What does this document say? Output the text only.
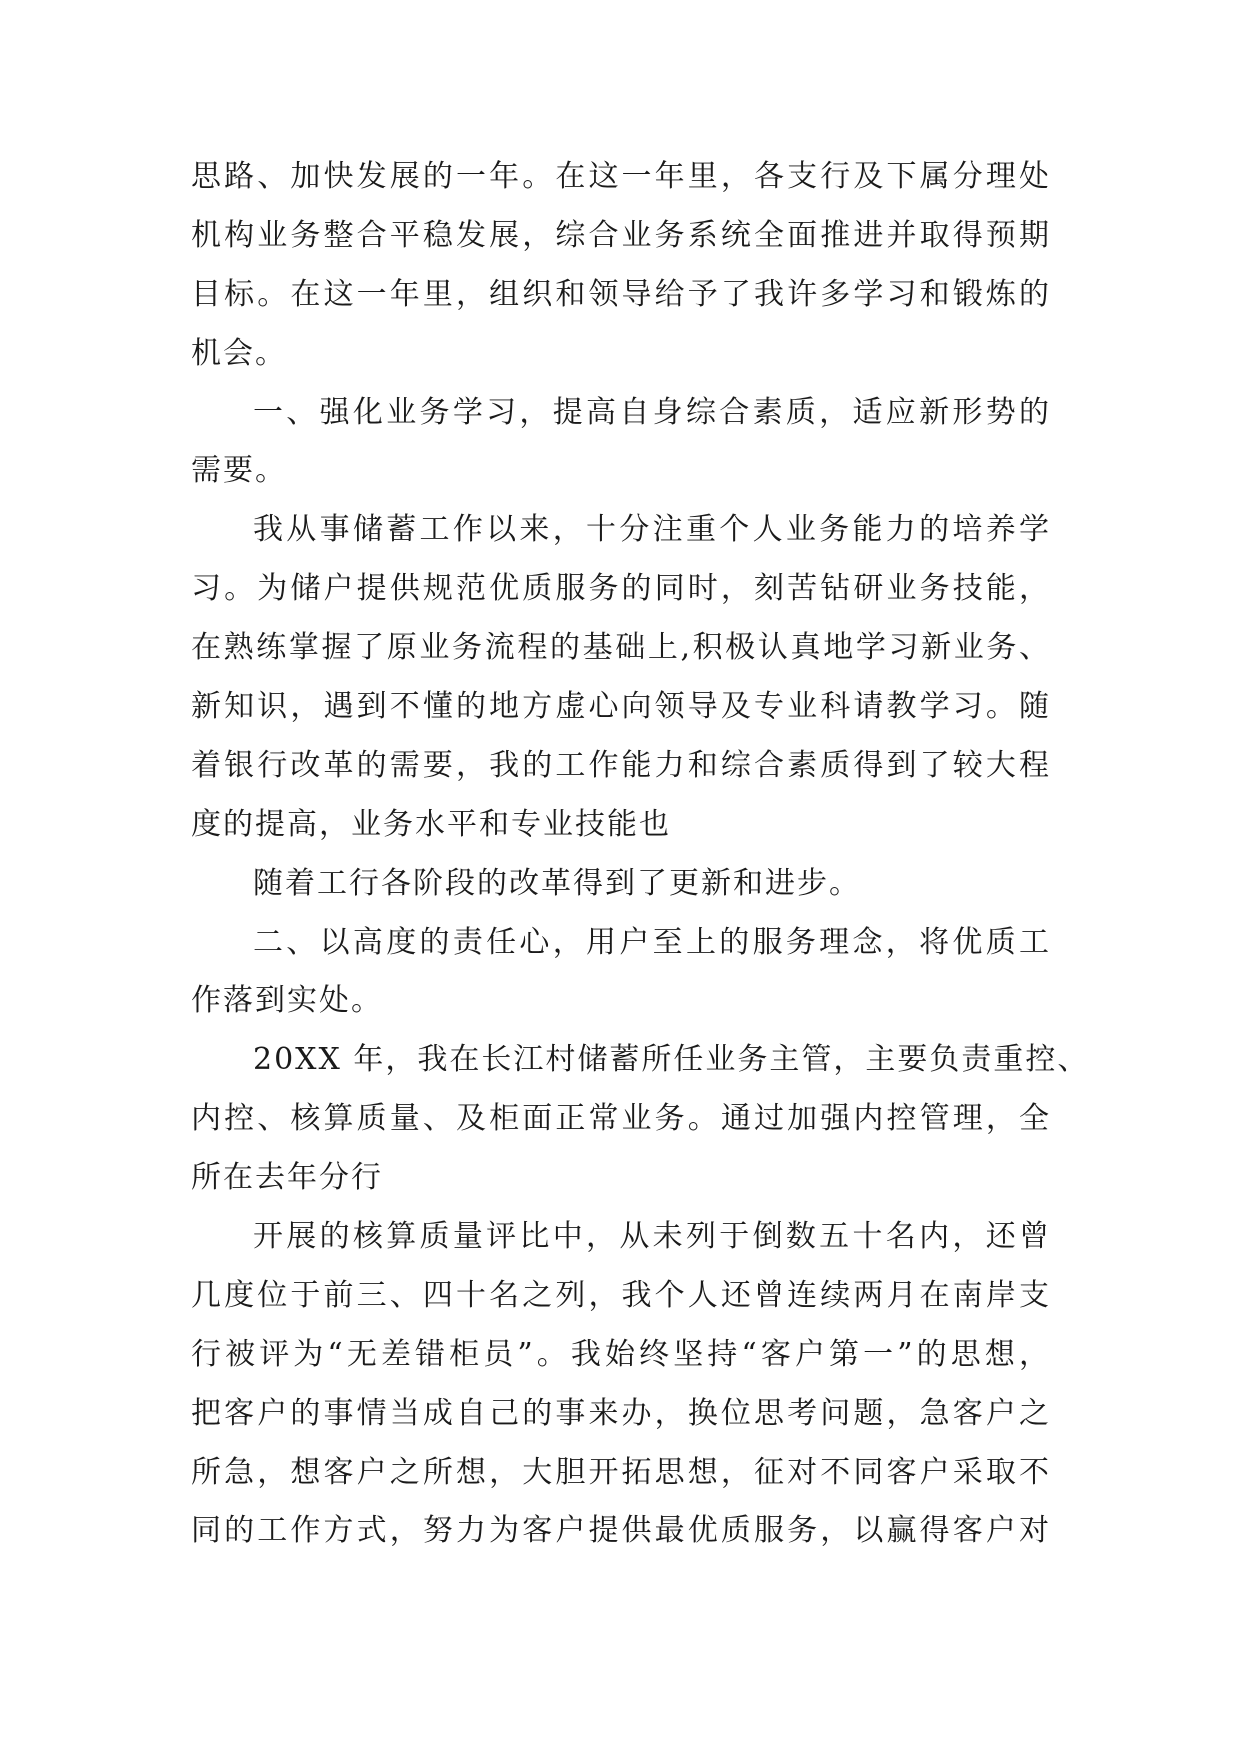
思路、加快发展的一年。在这一年里，各支行及下属分理处
机构业务整合平稳发展，综合业务系统全面推进并取得预期
目标。在这一年里，组织和领导给予了我许多学习和锻炼的
机会。
一、强化业务学习，提高自身综合素质，适应新形势的
需要。
我从事储蓄工作以来，十分注重个人业务能力的培养学
习。为储户提供规范优质服务的同时，刻苦钻研业务技能，
在熟练掌握了原业务流程的基础上,积极认真地学习新业务、
新知识，遇到不懂的地方虚心向领导及专业科请教学习。随
着银行改革的需要，我的工作能力和综合素质得到了较大程
度的提高，业务水平和专业技能也
随着工行各阶段的改革得到了更新和进步。
二、以高度的责任心，用户至上的服务理念，将优质工
作落到实处。
20XX 年，我在长江村储蓄所任业务主管，主要负责重控、
内控、核算质量、及柜面正常业务。通过加强内控管理，全
所在去年分行
开展的核算质量评比中，从未列于倒数五十名内，还曾
几度位于前三、四十名之列，我个人还曾连续两月在南岸支
行被评为“无差错柜员”。我始终坚持“客户第一”的思想，
把客户的事情当成自己的事来办，换位思考问题，急客户之
所急，想客户之所想，大胆开拓思想，征对不同客户采取不
同的工作方式，努力为客户提供最优质服务，以赢得客户对
